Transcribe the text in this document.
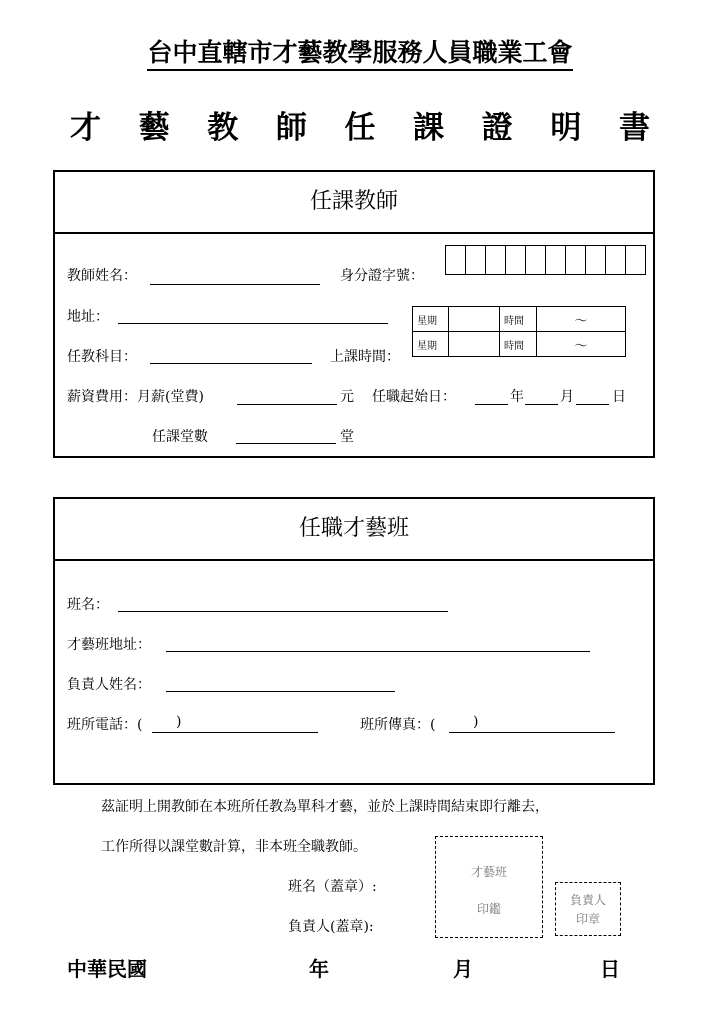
台中直轄市才藝教學服務人員職業工會
才 藝 教 師 任 課 證 明 書
任課教師
教師姓名：	身分證字號：
地址：	星期		時間	～
星期		時間	～
任教科目：	上課時間：
薪資費用：月薪(堂費)	元 任職起始日：	年	月	日
任課堂數	堂
任職才藝班
班名：
才藝班地址：
負責人姓名：
班所電話：( )	班所傳真：(	)
茲証明上開教師在本班所任教為單科才藝，並於上課時間結束即行離去，
工作所得以課堂數計算，非本班全職教師。
班名（蓋章）:
負責人(蓋章):
才藝班
印鑑
負責人
印章
中華民國	年	月	日
